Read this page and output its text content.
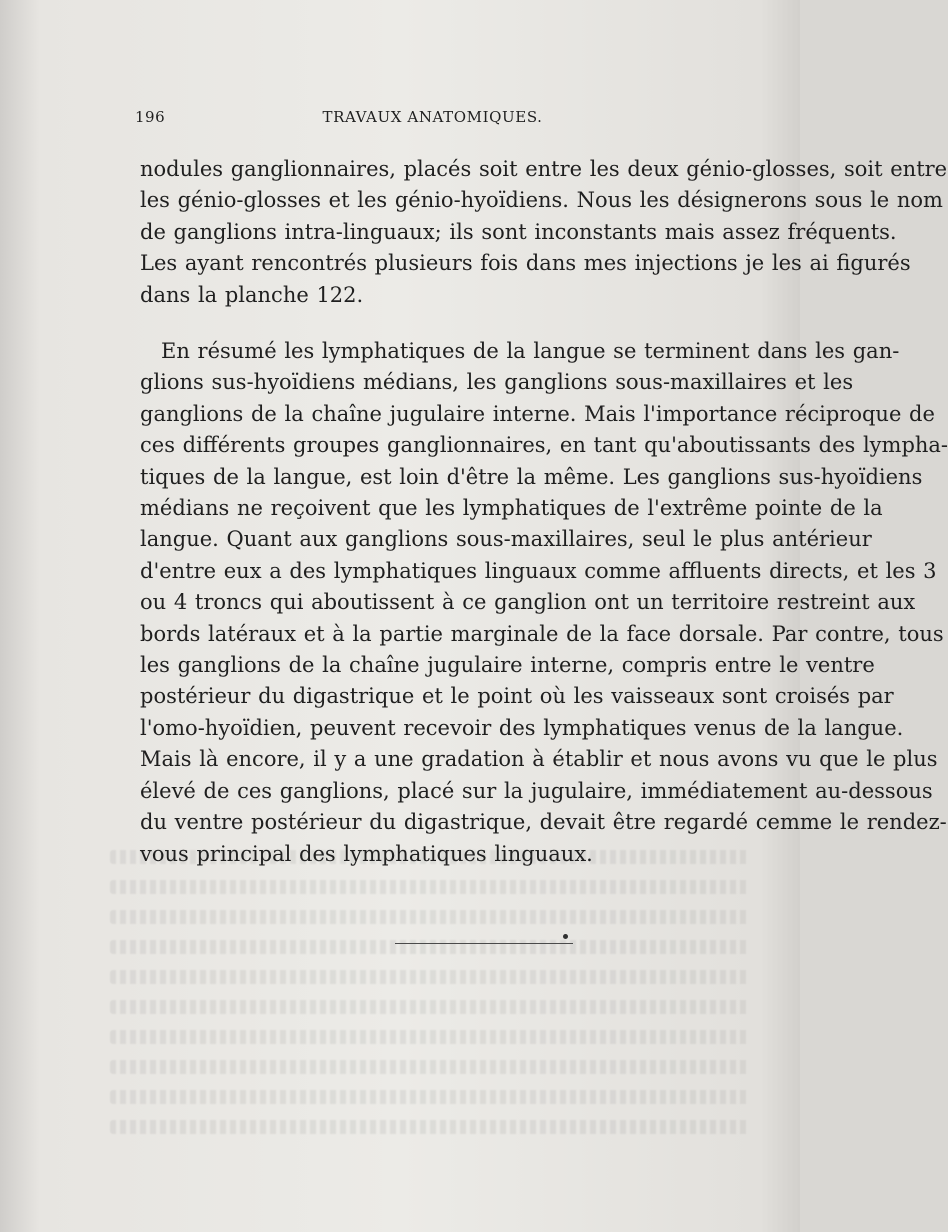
196	TRAVAUX ANATOMIQUES.
nodules ganglionnaires, placés soit entre les deux génio-glosses, soit entre
les génio-glosses et les génio-hyoïdiens. Nous les désignerons sous le nom
de ganglions intra-linguaux; ils sont inconstants mais assez fréquents.
Les ayant rencontrés plusieurs fois dans mes injections je les ai figurés
dans la planche 122.
En résumé les lymphatiques de la langue se terminent dans les gan-
glions sus-hyoïdiens médians, les ganglions sous-maxillaires et les
ganglions de la chaîne jugulaire interne. Mais l'importance réciproque de
ces différents groupes ganglionnaires, en tant qu'aboutissants des lympha-
tiques de la langue, est loin d'être la même. Les ganglions sus-hyoïdiens
médians ne reçoivent que les lymphatiques de l'extrême pointe de la
langue. Quant aux ganglions sous-maxillaires, seul le plus antérieur
d'entre eux a des lymphatiques linguaux comme affluents directs, et les 3
ou 4 troncs qui aboutissent à ce ganglion ont un territoire restreint aux
bords latéraux et à la partie marginale de la face dorsale. Par contre, tous
les ganglions de la chaîne jugulaire interne, compris entre le ventre
postérieur du digastrique et le point où les vaisseaux sont croisés par
l'omo-hyoïdien, peuvent recevoir des lymphatiques venus de la langue.
Mais là encore, il y a une gradation à établir et nous avons vu que le plus
élevé de ces ganglions, placé sur la jugulaire, immédiatement au-dessous
du ventre postérieur du digastrique, devait être regardé cemme le rendez-
vous principal des lymphatiques linguaux.
